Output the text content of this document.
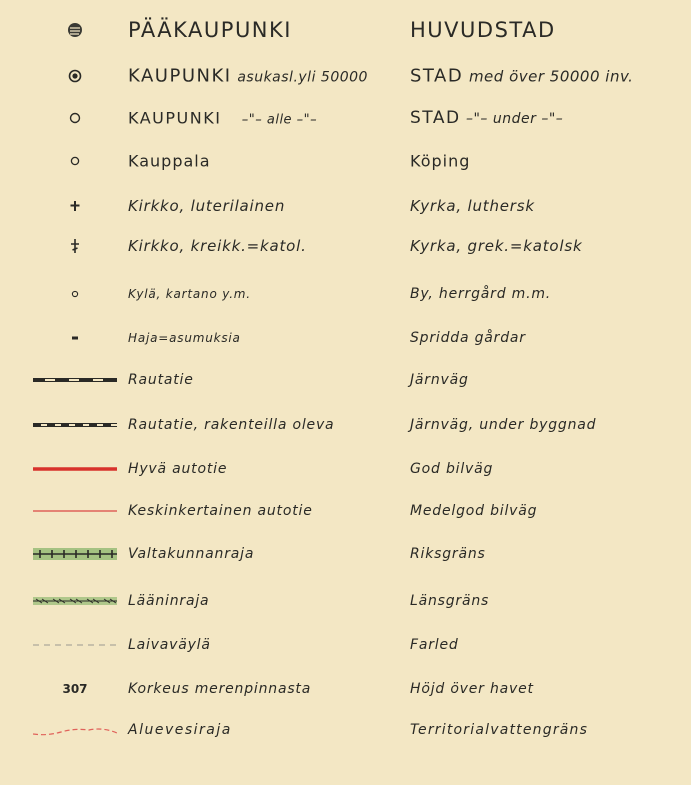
PÄÄKAUPUNKI	HUVUDSTAD
KAUPUNKI asukasl.yli 50000 STAD med över 50000 inv.
KAUPUNKI –"– alle –"–	STAD –"– under –"–
Kauppala	Köping
Kirkko, luterilainen	Kyrka, luthersk
Kirkko, kreikk.=katol.	Kyrka, grek.=katolsk
Kylä, kartano y.m.	By, herrgård m.m.
Haja=asumuksia	Spridda gårdar
Rautatie	Järnväg
Rautatie, rakenteilla oleva	Järnväg, under byggnad
Hyvä autotie	God bilväg
Keskinkertainen autotie	Medelgod bilväg
Valtakunnanraja	Riksgräns
Lääninraja	Länsgräns
Laivaväylä	Farled
307	Korkeus merenpinnasta	Höjd över havet
Aluevesiraja	Territorialvattengräns
